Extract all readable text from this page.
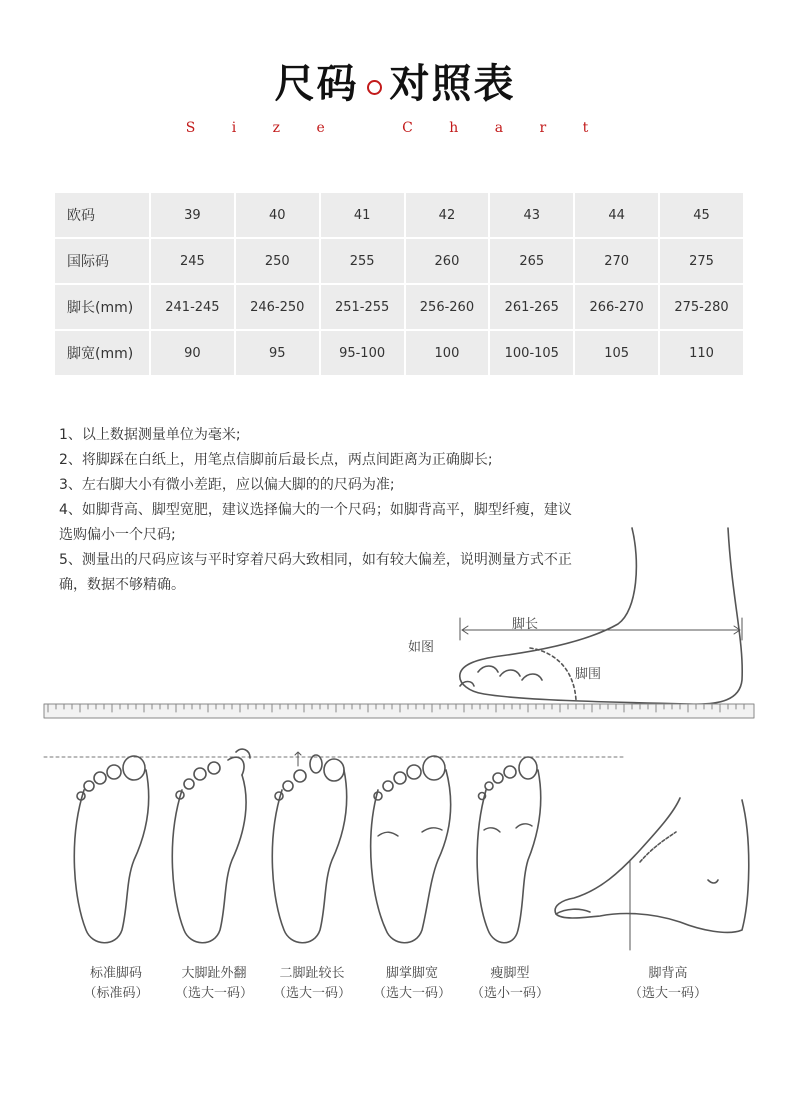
尺码 对照表
S i z e   C h a r t
欧码	39	40	41	42	43	44	45
国际码	245	250	255	260	265	270	275
脚长(mm)	241-245	246-250	251-255	256-260	261-265	266-270	275-280
脚宽(mm)	90	95	95-100	100	100-105	105	110

1、以上数据测量单位为毫米;

2、将脚踩在白纸上，用笔点信脚前后最长点，两点间距离为正确脚长;

3、左右脚大小有微小差距，应以偏大脚的的尺码为准;

4、如脚背高、脚型宽肥，建议选择偏大的一个尺码；如脚背高平，脚型纤瘦，建议选购偏小一个尺码;

5、测量出的尺码应该与平时穿着尺码大致相同，如有较大偏差，说明测量方式不正确，数据不够精确。

如图
脚长
脚围
标准脚码
（标准码）
大脚趾外翻
（选大一码）
二脚趾较长
（选大一码）
脚掌脚宽
（选大一码）
瘦脚型
（选小一码）
脚背高
（选大一码）
